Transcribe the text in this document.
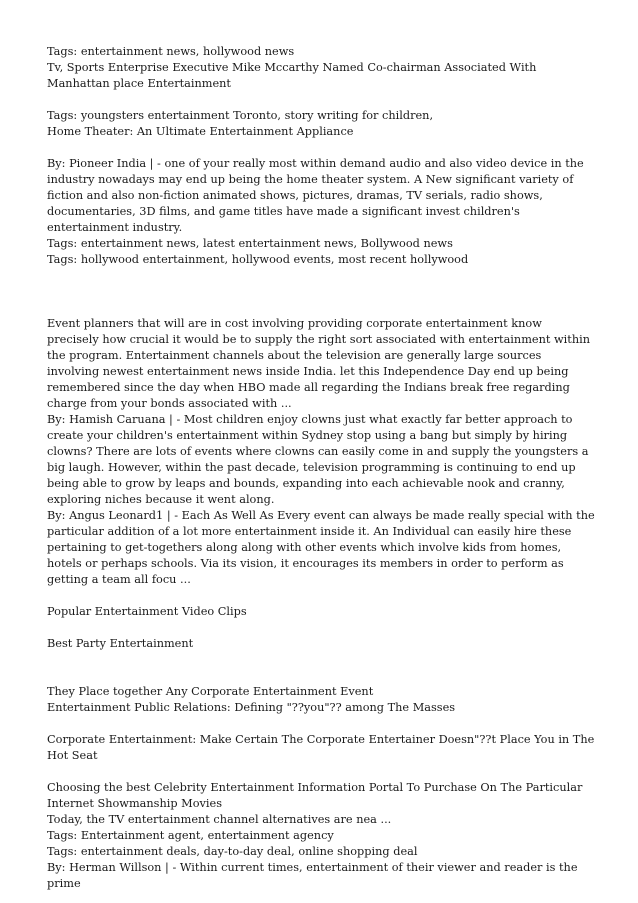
Tags: entertainment news, hollywood news

Tv, Sports Enterprise Executive Mike Mccarthy Named Co-chairman Associated With Manhattan place Entertainment

Tags: youngsters entertainment Toronto, story writing for children,

Home Theater: An Ultimate Entertainment Appliance

By: Pioneer India | - one of your really most within demand audio and also video device in the industry nowadays may end up being the home theater system. A New significant variety of fiction and also non-fiction animated shows, pictures, dramas, TV serials, radio shows, documentaries, 3D films, and game titles have made a significant invest children's entertainment industry.

Tags: entertainment news, latest entertainment news, Bollywood news

Tags: hollywood entertainment, hollywood events, most recent hollywood

Event planners that will are in cost involving providing corporate entertainment know precisely how crucial it would be to supply the right sort associated with entertainment within the program. Entertainment channels about the television are generally large sources involving newest entertainment news inside India. let this Independence Day end up being remembered since the day when HBO made all regarding the Indians break free regarding charge from your bonds associated with ...

By: Hamish Caruana | - Most children enjoy clowns just what exactly far better approach to create your children's entertainment within Sydney stop using a bang but simply by hiring clowns? There are lots of events where clowns can easily come in and supply the youngsters a big laugh. However, within the past decade, television programming is continuing to end up being able to grow by leaps and bounds, expanding into each achievable nook and cranny, exploring niches because it went along.

By: Angus Leonard1 | - Each As Well As Every event can always be made really special with the particular addition of a lot more entertainment inside it. An Individual can easily hire these pertaining to get-togethers along along with other events which involve kids from homes, hotels or perhaps schools. Via its vision, it encourages its members in order to perform as getting a team all focu ...

Popular Entertainment Video Clips

Best Party Entertainment

They Place together Any Corporate Entertainment Event

Entertainment Public Relations: Defining "??you"?? among The Masses

Corporate Entertainment: Make Certain The Corporate Entertainer Doesn"??t Place You in The Hot Seat

Choosing the best Celebrity Entertainment Information Portal To Purchase On The Particular Internet Showmanship Movies

Today, the TV entertainment channel alternatives are nea ...

Tags: Entertainment agent, entertainment agency

Tags: entertainment deals, day-to-day deal, online shopping deal

By: Herman Willson | - Within current times, entertainment of their viewer and reader is the prime
